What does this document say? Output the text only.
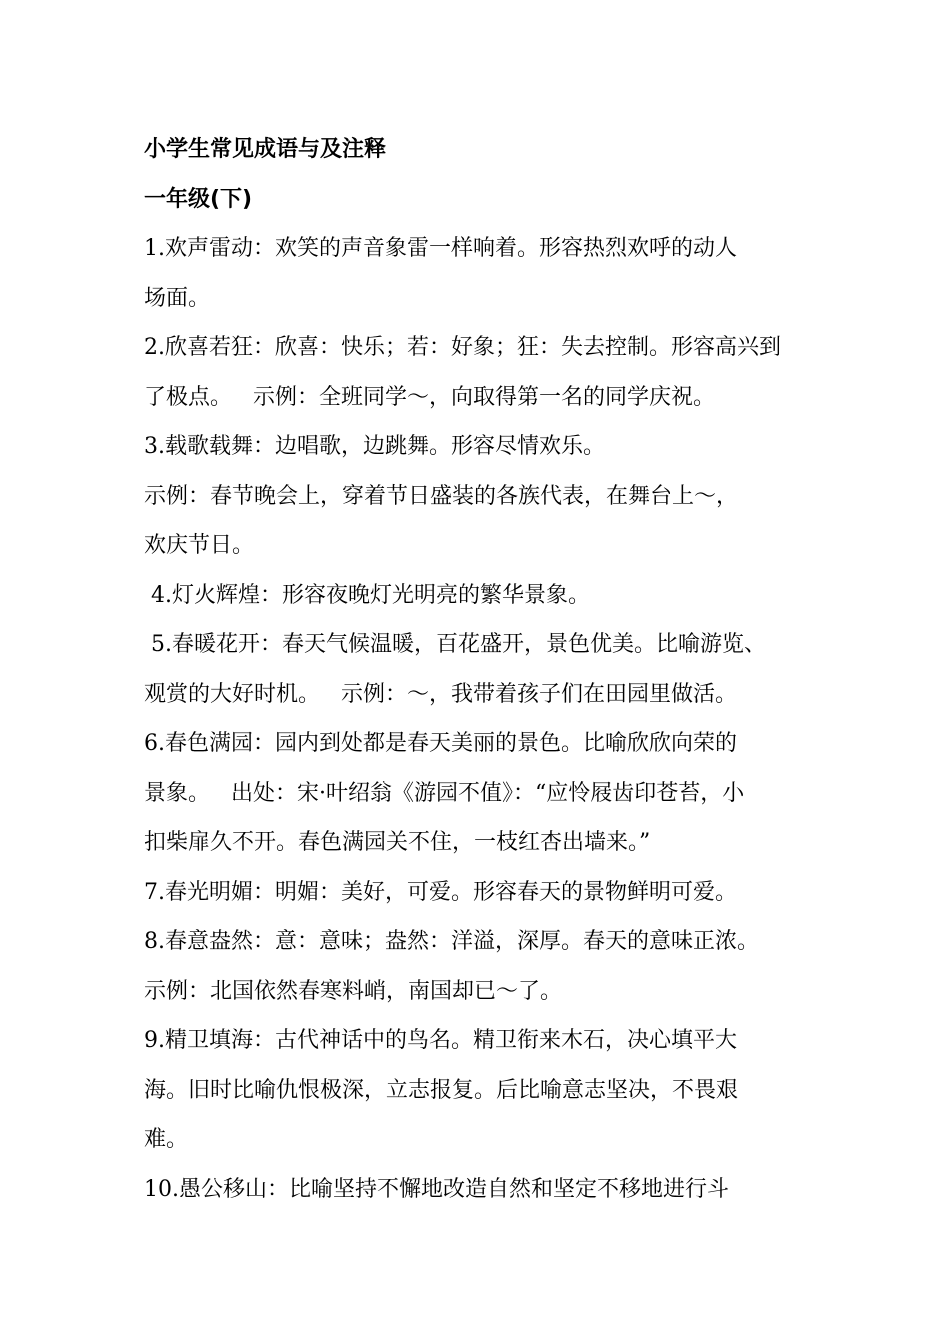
小学生常见成语与及注释
一年级(下)
1.欢声雷动：欢笑的声音象雷一样响着。形容热烈欢呼的动人
场面。
2.欣喜若狂：欣喜：快乐；若：好象；狂：失去控制。形容高兴到
了极点。   示例：全班同学～，向取得第一名的同学庆祝。
3.载歌载舞：边唱歌，边跳舞。形容尽情欢乐。
示例：春节晚会上，穿着节日盛装的各族代表，在舞台上～，
欢庆节日。
4.灯火辉煌：形容夜晚灯光明亮的繁华景象。
5.春暖花开：春天气候温暖，百花盛开，景色优美。比喻游览、
观赏的大好时机。   示例：～，我带着孩子们在田园里做活。
6.春色满园：园内到处都是春天美丽的景色。比喻欣欣向荣的
景象。   出处：宋·叶绍翁《游园不值》：“应怜屐齿印苍苔，小
扣柴扉久不开。春色满园关不住，一枝红杏出墙来。”
7.春光明媚：明媚：美好，可爱。形容春天的景物鲜明可爱。
8.春意盎然：意：意味；盎然：洋溢，深厚。春天的意味正浓。
示例：北国依然春寒料峭，南国却已～了。
9.精卫填海：古代神话中的鸟名。精卫衔来木石，决心填平大
海。旧时比喻仇恨极深，立志报复。后比喻意志坚决，不畏艰
难。
10.愚公移山：比喻坚持不懈地改造自然和坚定不移地进行斗
